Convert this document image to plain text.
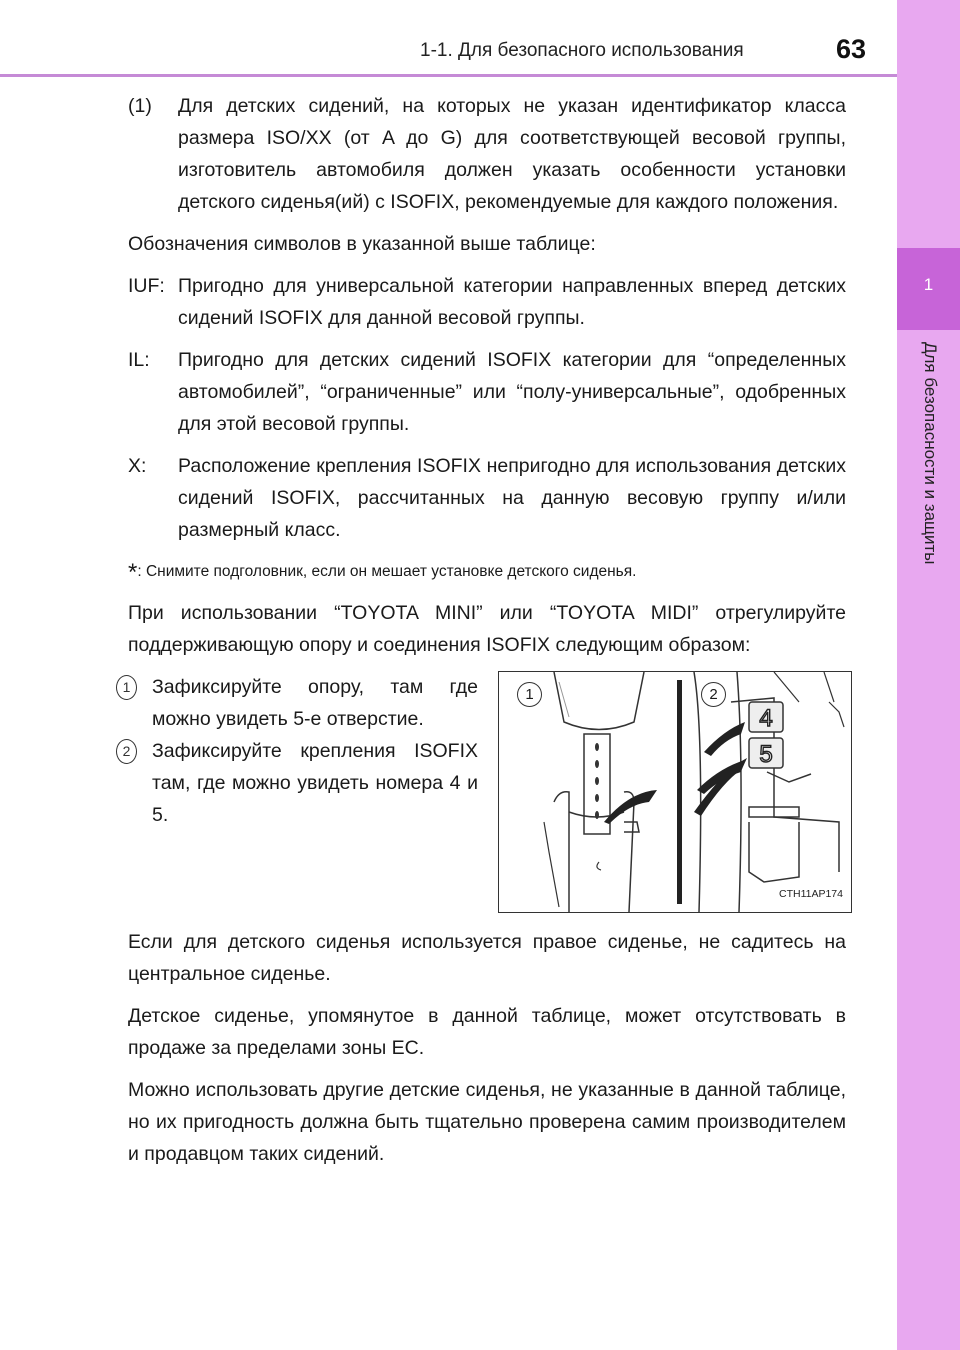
1-1. Для безопасного использования	63
1
Для безопасности и защиты
(1)	Для детских сидений, на которых не указан идентификатор класса размера ISO/XX (от A до G) для соответствующей весовой группы, изготовитель автомобиля должен указать особенности установки детского сиденья(ий) с ISOFIX, рекомендуемые для каждого положения.

Обозначения символов в указанной выше таблице:

IUF: Пригодно для универсальной категории направленных вперед детских сидений ISOFIX для данной весовой группы.
IL:	Пригодно для детских сидений ISOFIX категории для “определенных автомобилей”, “ограниченные” или “полу-универсальные”, одобренных для этой весовой группы.
X:	Расположение крепления ISOFIX непригодно для использования детских сидений ISOFIX, рассчитанных на данную весовую группу и/или размерный класс.
*: Снимите подголовник, если он мешает установке детского сиденья.

При использовании “TOYOTA MINI” или “TOYOTA MIDI” отрегулируйте поддерживающую опору и соединения ISOFIX следующим образом:

1	Зафиксируйте опору, там где можно увидеть 5-е отверстие.
2	Зафиксируйте крепления ISOFIX там, где можно увидеть номера 4 и 5.
4
5
1	2
CTH11AP174

Если для детского сиденья используется правое сиденье, не садитесь на центральное сиденье.

Детское сиденье, упомянутое в данной таблице, может отсутствовать в продаже за пределами зоны ЕС.

Можно использовать другие детские сиденья, не указанные в данной таблице, но их пригодность должна быть тщательно проверена самим производителем и продавцом таких сидений.
